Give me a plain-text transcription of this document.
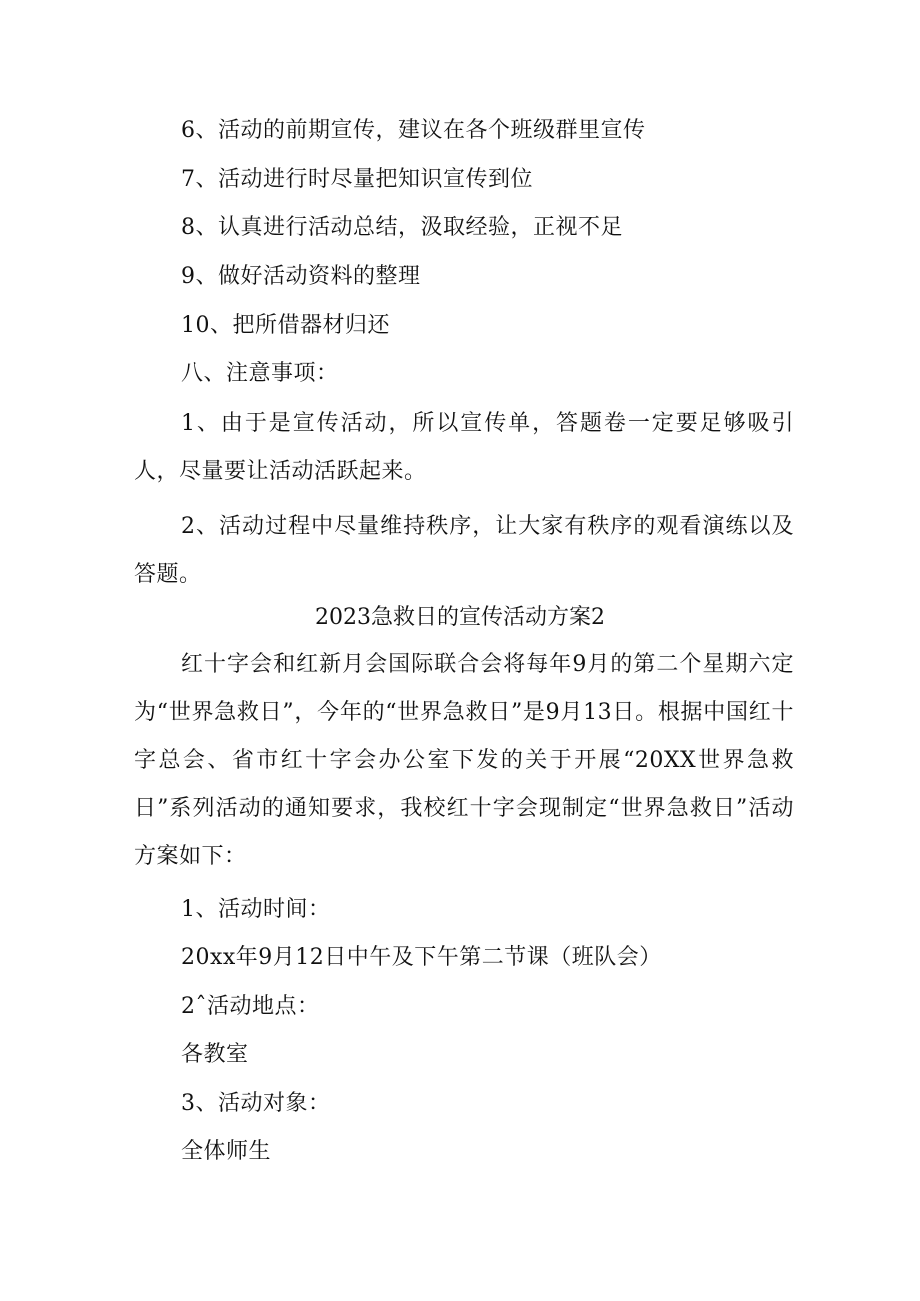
6、活动的前期宣传，建议在各个班级群里宣传
7、活动进行时尽量把知识宣传到位
8、认真进行活动总结，汲取经验，正视不足
9、做好活动资料的整理
10、把所借器材归还
八、注意事项：
1、由于是宣传活动，所以宣传单，答题卷一定要足够吸引人，尽量要让活动活跃起来。
2、活动过程中尽量维持秩序，让大家有秩序的观看演练以及答题。
2023急救日的宣传活动方案2
红十字会和红新月会国际联合会将每年9月的第二个星期六定为“世界急救日”，今年的“世界急救日”是9月13日。根据中国红十字总会、省市红十字会办公室下发的关于开展“20XX世界急救日”系列活动的通知要求，我校红十字会现制定“世界急救日”活动方案如下：
1、活动时间：
20xx年9月12日中午及下午第二节课（班队会）
2ˆ活动地点：
各教室
3、活动对象：
全体师生
